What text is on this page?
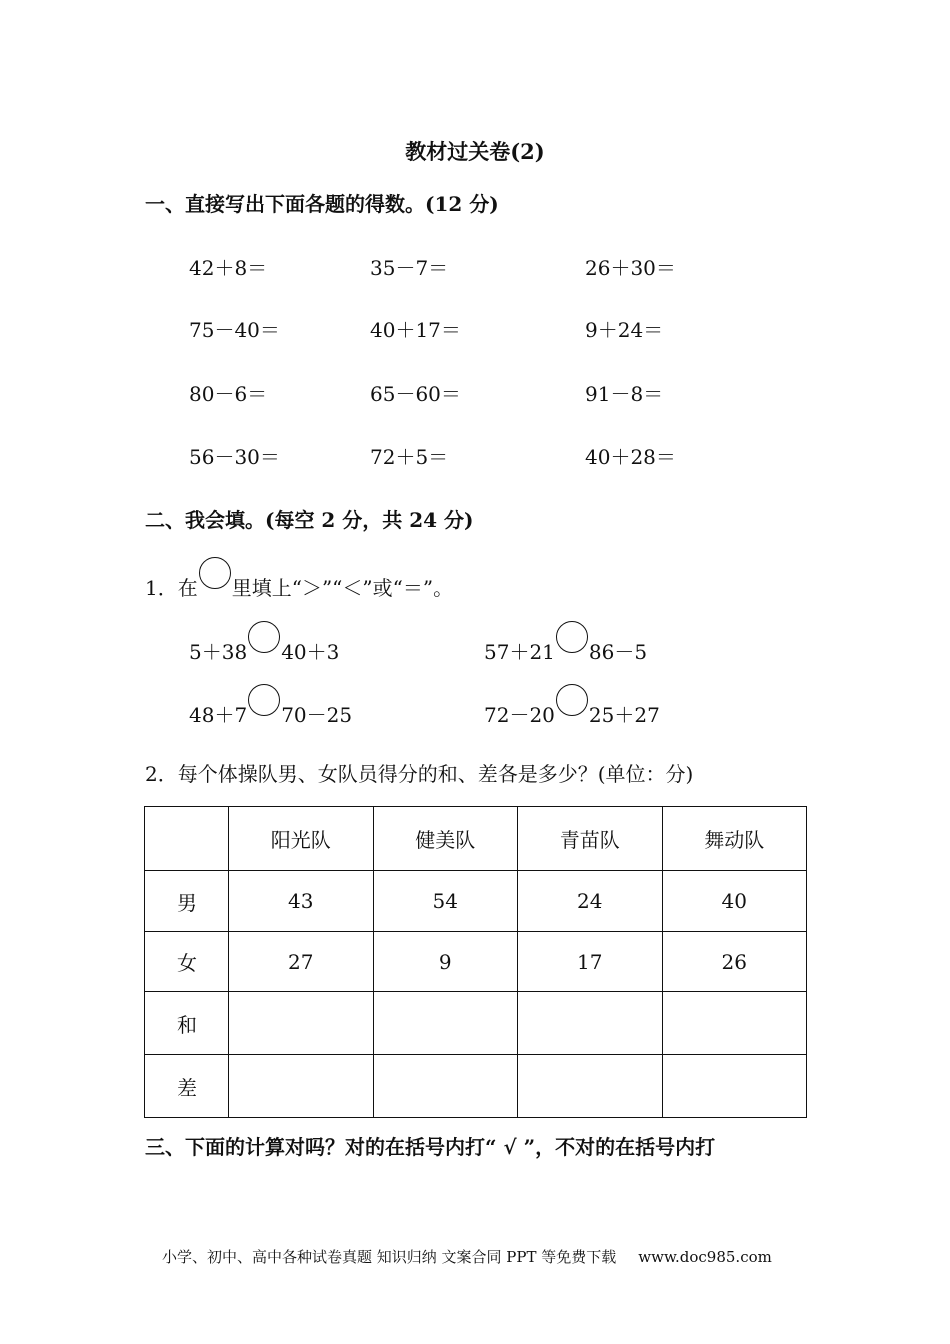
教材过关卷(2)
一、直接写出下面各题的得数。(12 分)
42＋8＝	35－7＝	26＋30＝
75－40＝	40＋17＝	9＋24＝
80－6＝	65－60＝	91－8＝
56－30＝	72＋5＝	40＋28＝
二、我会填。(每空 2 分，共 24 分)
1．在 里填上“＞”“＜”或“＝”。
5＋38 40＋3	57＋21 86－5
48＋7 70－25	72－20 25＋27
2．每个体操队男、女队员得分的和、差各是多少？(单位：分)
	阳光队	健美队	青苗队	舞动队
男	43	54	24	40
女	27	9	17	26
和				
差				
三、下面的计算对吗？对的在括号内打“ √ ”，不对的在括号内打
小学、初中、高中各种试卷真题 知识归纳 文案合同 PPT 等免费下载 www.doc985.com
